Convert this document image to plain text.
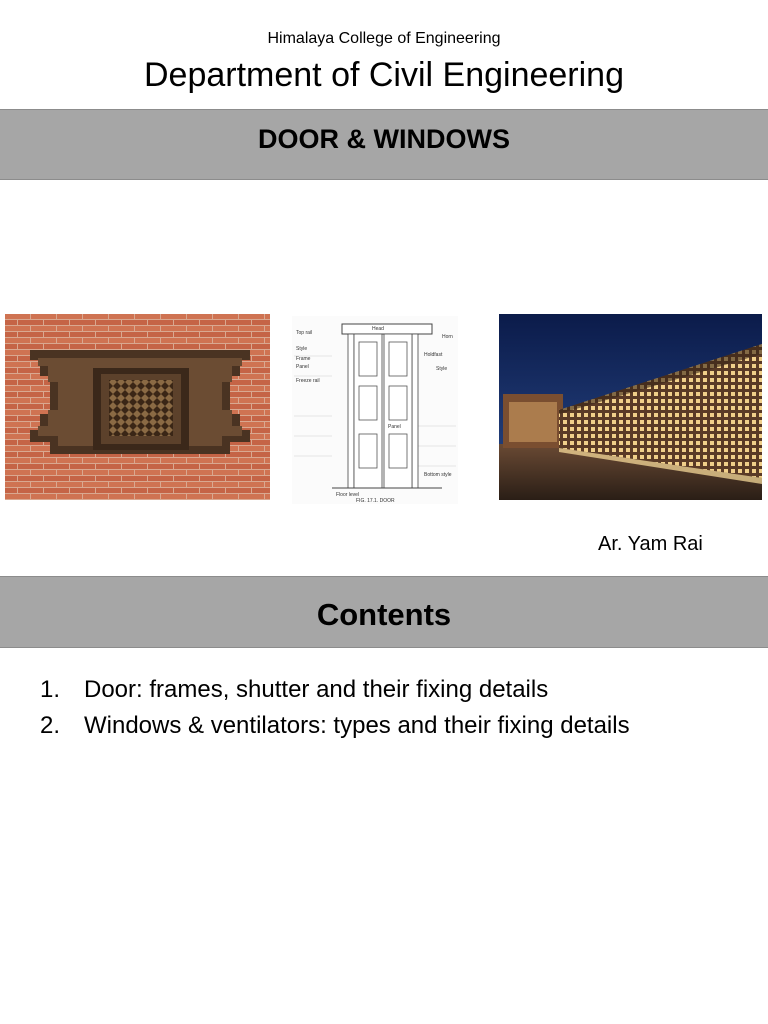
Himalaya College of Engineering
Department of Civil Engineering
DOOR & WINDOWS
Head
Top rail
Horn
Style
Frame
Panel
Freeze rail
Holdfast
Style
Panel
Bottom style
Floor level
FIG. 17.1. DOOR
Ar. Yam Rai
Contents
1. Door: frames, shutter and their fixing details
2. Windows & ventilators: types and their fixing details
